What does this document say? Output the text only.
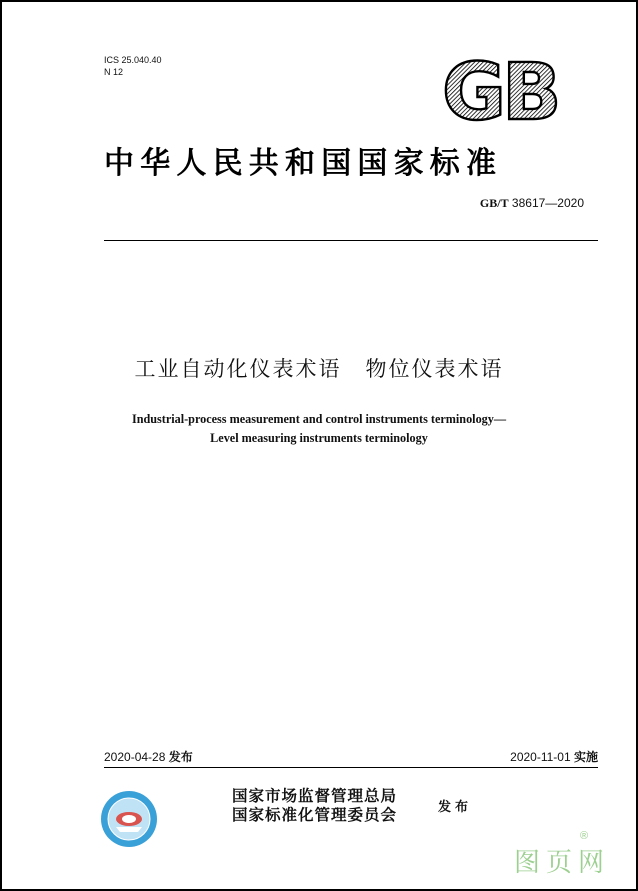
ICS 25.040.40
N 12	GB
中华人民共和国国家标准
GB/T 38617—2020
工业自动化仪表术语 物位仪表术语
Industrial-process measurement and control instruments terminology—
Level measuring instruments terminology
2020-04-28 发布	2020-11-01 实施
国家市场监督管理总局
国家标准化管理委员会	发布
®
图页网
